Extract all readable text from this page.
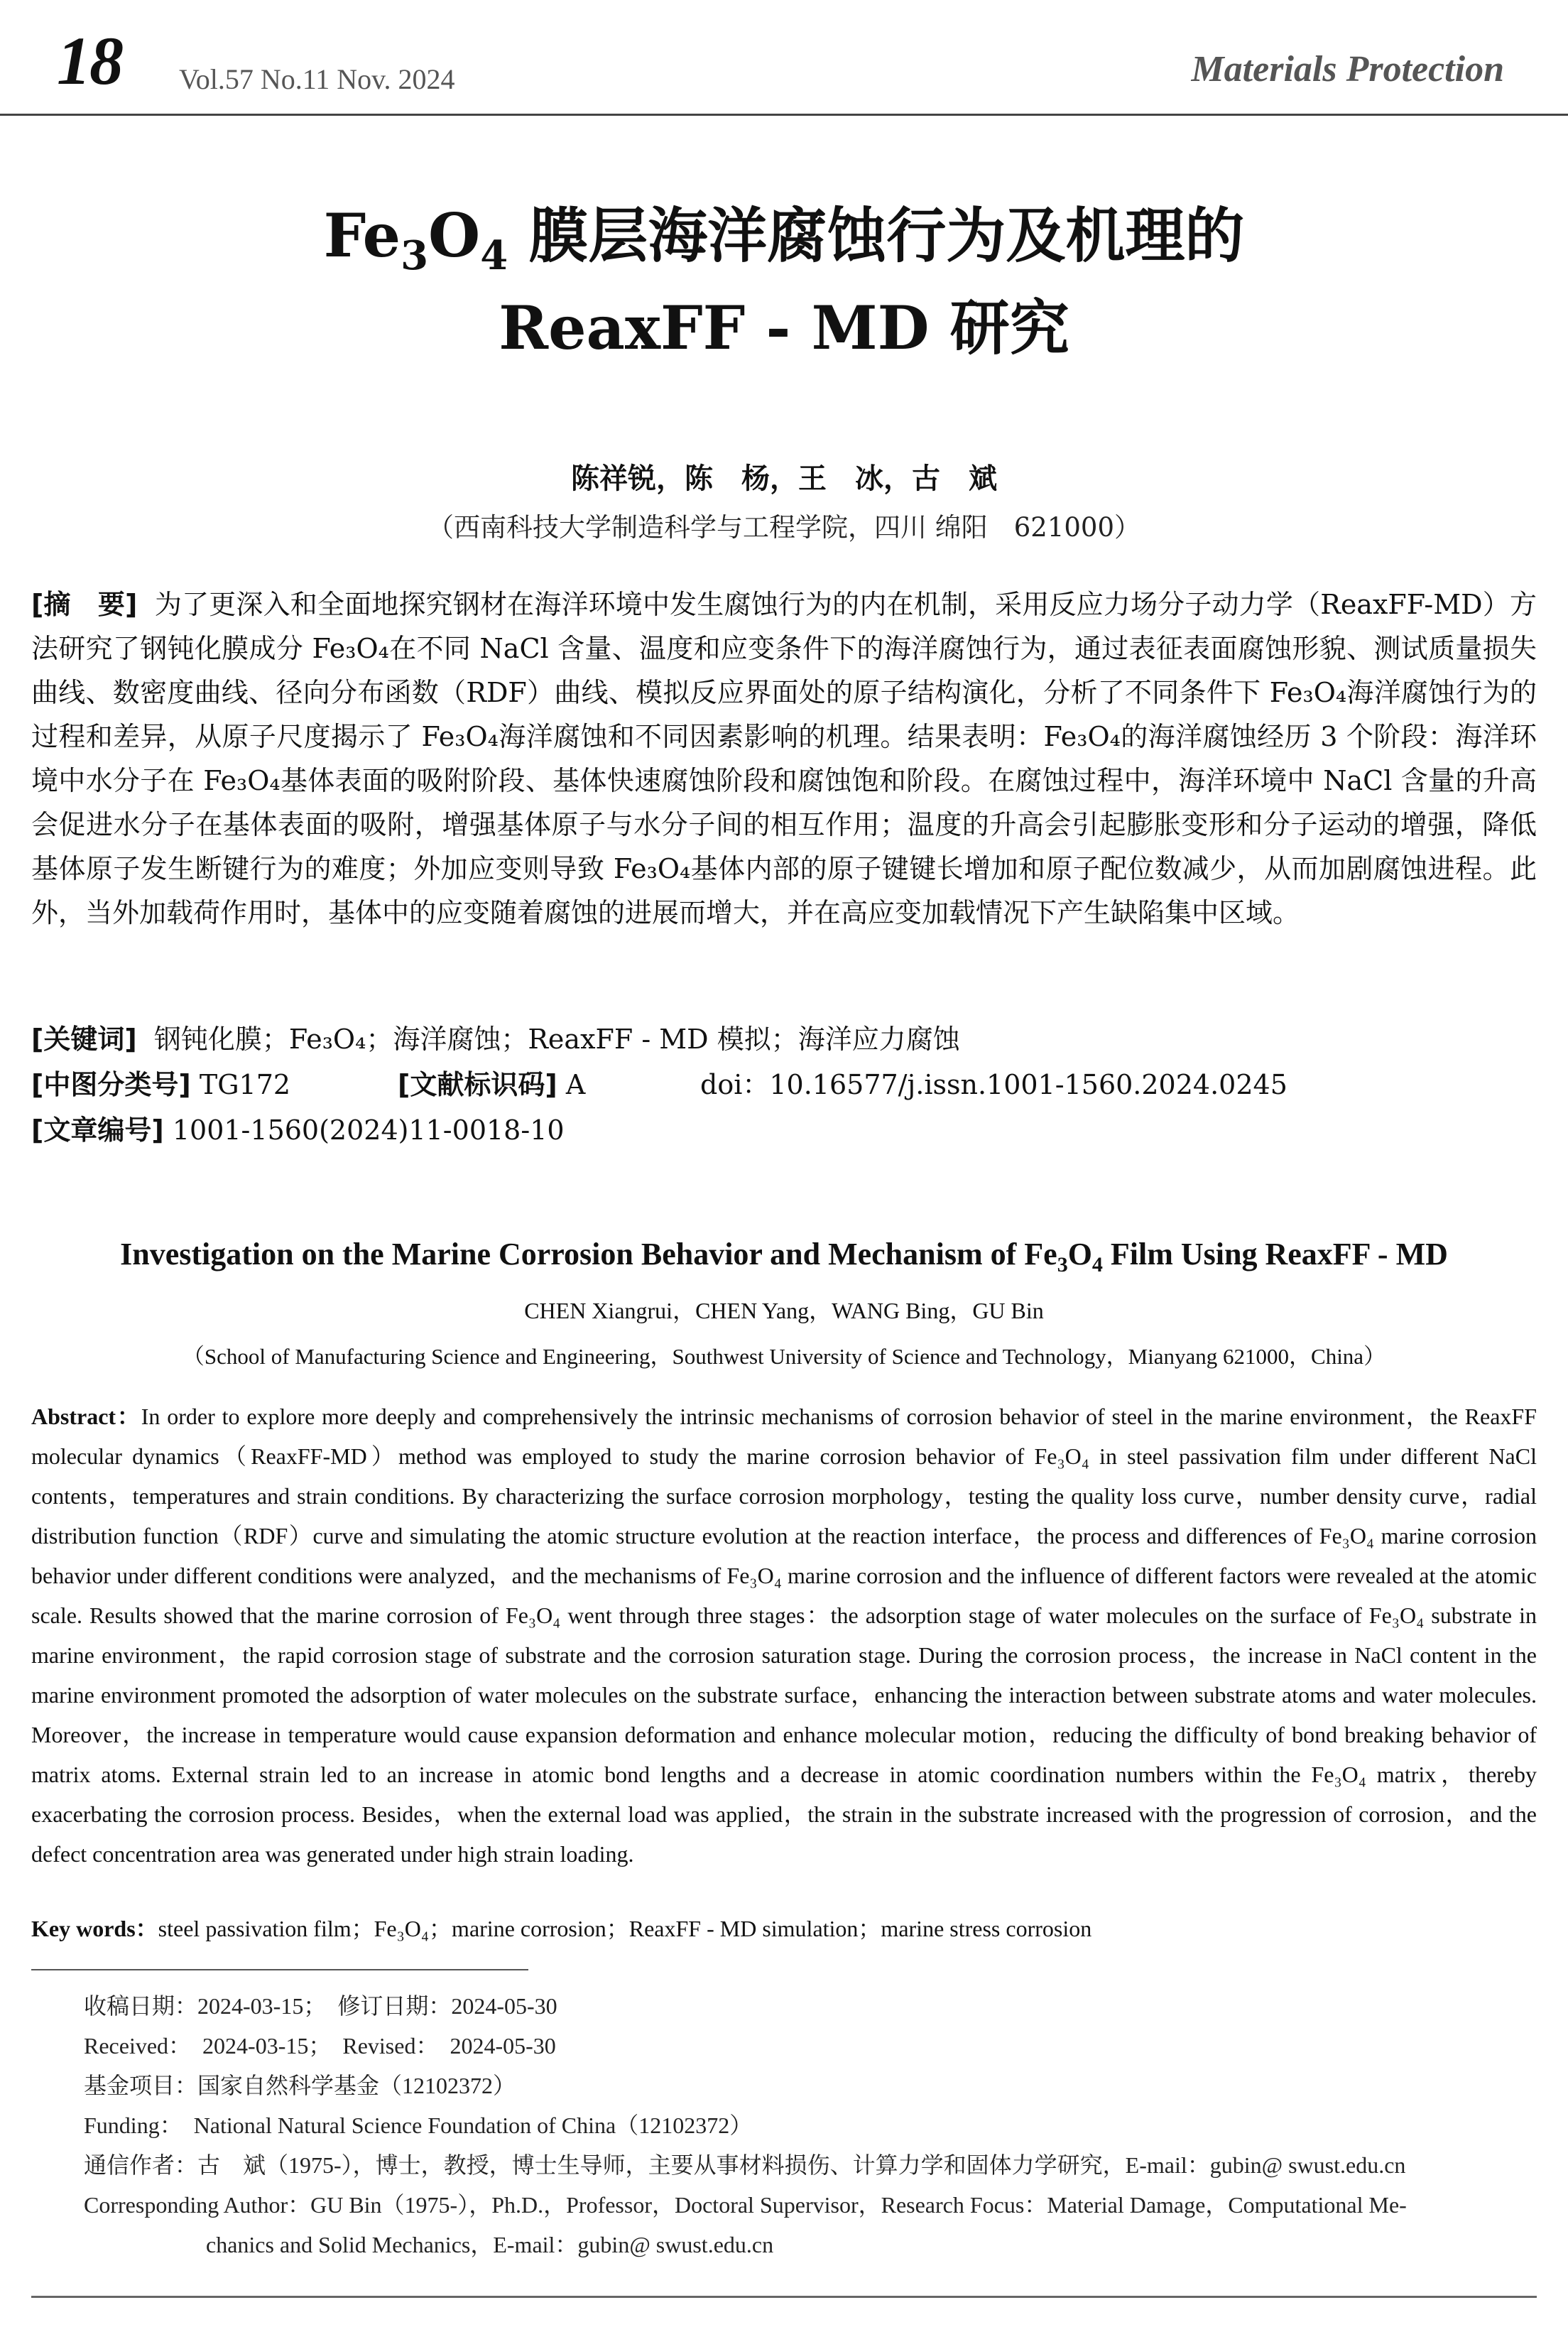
18 Vol.57 No.11 Nov. 2024	Materials Protection
$Fe_3O_4$ 膜层海洋腐蚀行为及机理的
ReaxFF - MD 研究
陈祥锐，陈　杨，王　冰，古　斌
（西南科技大学制造科学与工程学院，四川 绵阳　621000）
[摘　要] 为了更深入和全面地探究钢材在海洋环境中发生腐蚀行为的内在机制，采用反应力场分子动力学（ReaxFF-MD）方法研究了钢钝化膜成分 Fe₃O₄在不同 NaCl 含量、温度和应变条件下的海洋腐蚀行为，通过表征表面腐蚀形貌、测试质量损失曲线、数密度曲线、径向分布函数（RDF）曲线、模拟反应界面处的原子结构演化，分析了不同条件下 Fe₃O₄海洋腐蚀行为的过程和差异，从原子尺度揭示了 Fe₃O₄海洋腐蚀和不同因素影响的机理。结果表明：Fe₃O₄的海洋腐蚀经历 3 个阶段：海洋环境中水分子在 Fe₃O₄基体表面的吸附阶段、基体快速腐蚀阶段和腐蚀饱和阶段。在腐蚀过程中，海洋环境中 NaCl 含量的升高会促进水分子在基体表面的吸附，增强基体原子与水分子间的相互作用；温度的升高会引起膨胀变形和分子运动的增强，降低基体原子发生断键行为的难度；外加应变则导致 Fe₃O₄基体内部的原子键键长增加和原子配位数减少，从而加剧腐蚀进程。此外，当外加载荷作用时，基体中的应变随着腐蚀的进展而增大，并在高应变加载情况下产生缺陷集中区域。
[关键词] 钢钝化膜；Fe₃O₄；海洋腐蚀；ReaxFF - MD 模拟；海洋应力腐蚀
[中图分类号] TG172	[文献标识码] A	doi：10.16577/j.issn.1001-1560.2024.0245
[文章编号] 1001-1560(2024)11-0018-10
Investigation on the Marine Corrosion Behavior and Mechanism of $Fe_3O_4$ Film Using ReaxFF - MD
CHEN Xiangrui，CHEN Yang，WANG Bing，GU Bin
（School of Manufacturing Science and Engineering，Southwest University of Science and Technology，Mianyang 621000，China）
Abstract：In order to explore more deeply and comprehensively the intrinsic mechanisms of corrosion behavior of steel in the marine environment，the ReaxFF molecular dynamics（ReaxFF-MD）method was employed to study the marine corrosion behavior of Fe₃O₄ in steel passivation film under different NaCl contents，temperatures and strain conditions. By characterizing the surface corrosion morphology，testing the quality loss curve，number density curve，radial distribution function（RDF）curve and simulating the atomic structure evolution at the reaction interface，the process and differences of Fe₃O₄ marine corrosion behavior under different conditions were analyzed，and the mechanisms of Fe₃O₄ marine corrosion and the influence of different factors were revealed at the atomic scale. Results showed that the marine corrosion of Fe₃O₄ went through three stages：the adsorption stage of water molecules on the surface of Fe₃O₄ substrate in marine environment，the rapid corrosion stage of substrate and the corrosion saturation stage. During the corrosion process，the increase in NaCl content in the marine environment promoted the adsorption of water molecules on the substrate surface，enhancing the interaction between substrate atoms and water molecules. Moreover，the increase in temperature would cause expansion deformation and enhance molecular motion，reducing the difficulty of bond breaking behavior of matrix atoms. External strain led to an increase in atomic bond lengths and a decrease in atomic coordination numbers within the Fe₃O₄ matrix，thereby exacerbating the corrosion process. Besides，when the external load was applied，the strain in the substrate increased with the progression of corrosion，and the defect concentration area was generated under high strain loading.
Key words：steel passivation film；Fe₃O₄；marine corrosion；ReaxFF - MD simulation；marine stress corrosion
收稿日期：2024-03-15；　修订日期：2024-05-30
Received：　2024-03-15；　Revised：　2024-05-30
基金项目：国家自然科学基金（12102372）
Funding：　National Natural Science Foundation of China（12102372）
通信作者：古　斌（1975-），博士，教授，博士生导师，主要从事材料损伤、计算力学和固体力学研究，E-mail：gubin@ swust.edu.cn
Corresponding Author：GU Bin（1975-），Ph.D.，Professor，Doctoral Supervisor，Research Focus：Material Damage，Computational Me-
chanics and Solid Mechanics，E-mail：gubin@ swust.edu.cn
